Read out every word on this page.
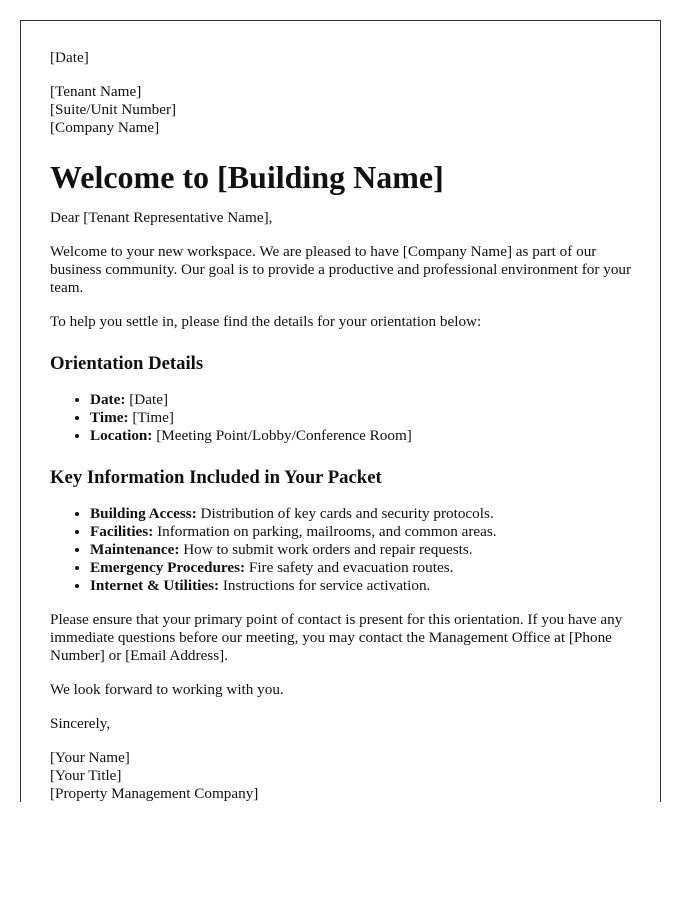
[Date]

[Tenant Name]
[Suite/Unit Number]
[Company Name]
Welcome to [Building Name]

Dear [Tenant Representative Name],

Welcome to your new workspace. We are pleased to have [Company Name] as part of our business community. Our goal is to provide a productive and professional environment for your team.

To help you settle in, please find the details for your orientation below:

Orientation Details
• Date: [Date]
• Time: [Time]
• Location: [Meeting Point/Lobby/Conference Room]
Key Information Included in Your Packet
• Building Access: Distribution of key cards and security protocols.
• Facilities: Information on parking, mailrooms, and common areas.
• Maintenance: How to submit work orders and repair requests.
• Emergency Procedures: Fire safety and evacuation routes.
• Internet & Utilities: Instructions for service activation.

Please ensure that your primary point of contact is present for this orientation. If you have any immediate questions before our meeting, you may contact the Management Office at [Phone Number] or [Email Address].

We look forward to working with you.

Sincerely,

[Your Name]
[Your Title]
[Property Management Company]
